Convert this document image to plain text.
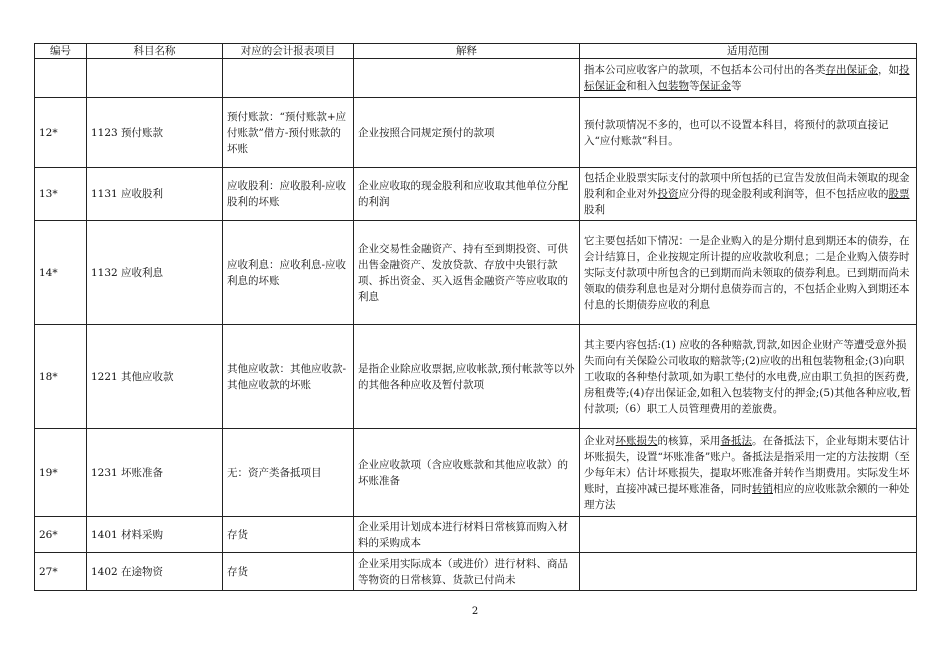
编号	科目名称	对应的会计报表项目	解释	适用范围
				指本公司应收客户的款项，不包括本公司付出的各类存出保证金，如投标保证金和租入包装物等保证金等
12*	1123 预付账款	预付账款：“预付账款+应付账款”借方-预付账款的坏账	企业按照合同规定预付的款项	预付款项情况不多的，也可以不设置本科目，将预付的款项直接记入“应付账款”科目。
13*	1131 应收股利	应收股利：应收股利-应收股利的坏账	企业应收取的现金股利和应收取其他单位分配的利润	包括企业股票实际支付的款项中所包括的已宣告发放但尚未领取的现金股利和企业对外投资应分得的现金股利或利润等，但不包括应收的股票股利
14*	1132 应收利息	应收利息：应收利息-应收利息的坏账	企业交易性金融资产、持有至到期投资、可供出售金融资产、发放贷款、存放中央银行款项、拆出资金、买入返售金融资产等应收取的利息	它主要包括如下情况：一是企业购入的是分期付息到期还本的债券，在会计结算日，企业按规定所计提的应收款收利息；二是企业购入债券时实际支付款项中所包含的已到期而尚未领取的债券利息。已到期而尚未领取的债券利息也是对分期付息债券而言的，不包括企业购入到期还本付息的长期债券应收的利息
18*	1221 其他应收款	其他应收款：其他应收款-其他应收款的坏账	是指企业除应收票据,应收帐款,预付帐款等以外的其他各种应收及暂付款项	其主要内容包括:(1) 应收的各种赔款,罚款,如因企业财产等遭受意外损失而向有关保险公司收取的赔款等;(2)应收的出租包装物租金;(3)向职工收取的各种垫付款项,如为职工垫付的水电费,应由职工负担的医药费,房租费等;(4)存出保证金,如租入包装物支付的押金;(5)其他各种应收,暂付款项;（6）职工人员管理费用的差旅费。
19*	1231 坏账准备	无：资产类备抵项目	企业应收款项（含应收账款和其他应收款）的坏账准备	企业对坏账损失的核算，采用备抵法。在备抵法下，企业每期末要估计坏账损失，设置“坏账准备”账户。备抵法是指采用一定的方法按期（至少每年末）估计坏账损失，提取坏账准备并转作当期费用。实际发生坏账时，直接冲减已提坏账准备，同时转销相应的应收账款余额的一种处理方法
26*	1401 材料采购	存货	企业采用计划成本进行材料日常核算而购入材料的采购成本	
27*	1402 在途物资	存货	企业采用实际成本（或进价）进行材料、商品等物资的日常核算、货款已付尚未	
2
